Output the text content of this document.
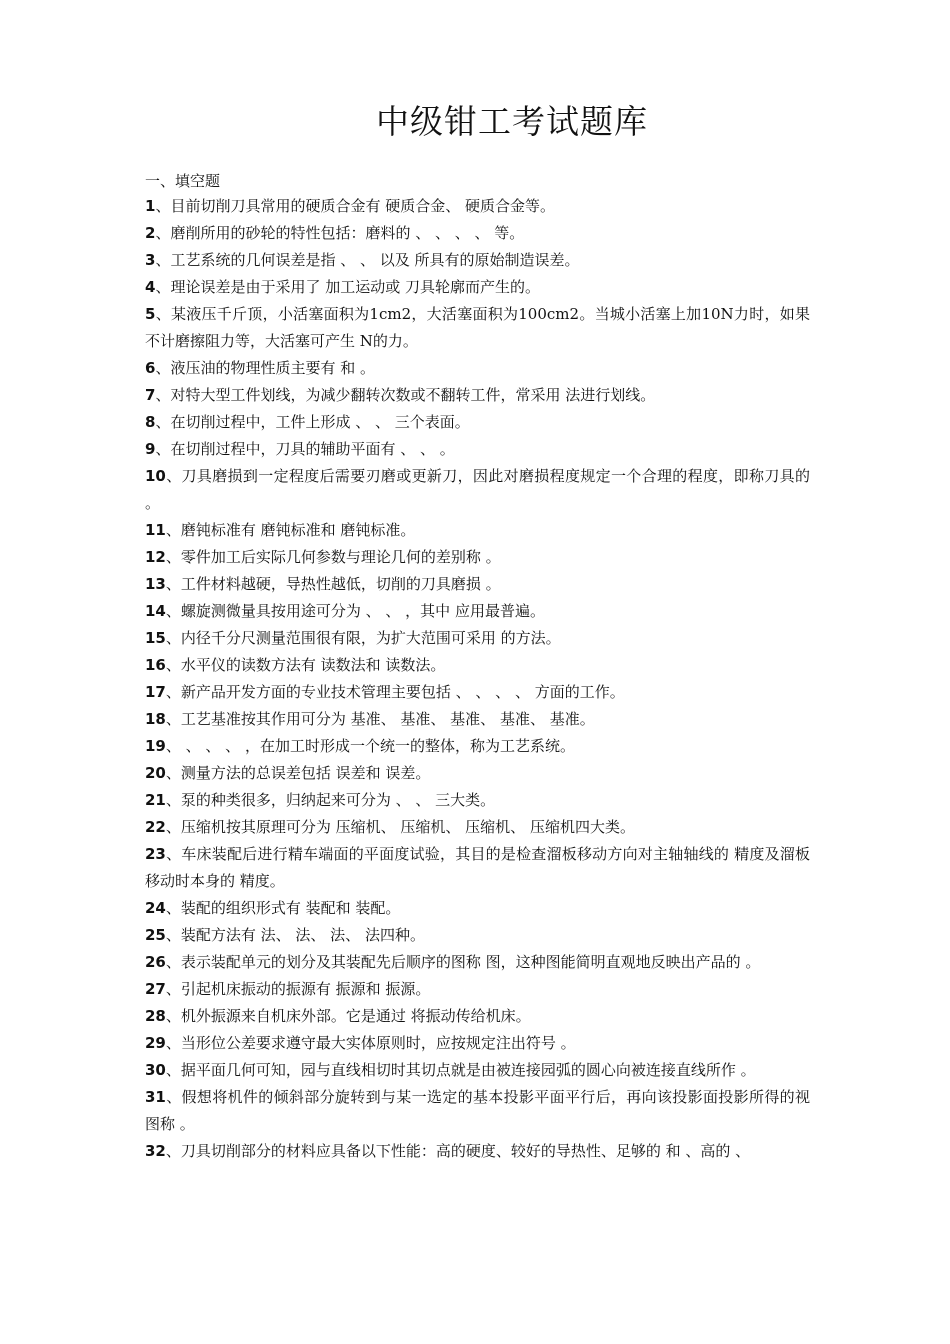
中级钳工考试题库
一、填空题

1、目前切削刀具常用的硬质合金有 硬质合金、 硬质合金等。

2、磨削所用的砂轮的特性包括：磨料的 、 、 、 、 等。

3、工艺系统的几何误差是指 、 、 以及 所具有的原始制造误差。

4、理论误差是由于采用了 加工运动或 刀具轮廓而产生的。

5、某液压千斤顶，小活塞面积为1cm2，大活塞面积为100cm2。当城小活塞上加10N力时，如果不计磨擦阻力等，大活塞可产生 N的力。

6、液压油的物理性质主要有 和 。

7、对特大型工件划线，为减少翻转次数或不翻转工件，常采用 法进行划线。

8、在切削过程中，工件上形成 、 、 三个表面。

9、在切削过程中，刀具的辅助平面有 、 、 。

10、刀具磨损到一定程度后需要刃磨或更新刀，因此对磨损程度规定一个合理的程度，即称刀具的 。

11、磨钝标准有 磨钝标准和 磨钝标准。

12、零件加工后实际几何参数与理论几何的差别称 。

13、工件材料越硬，导热性越低，切削的刀具磨损 。

14、螺旋测微量具按用途可分为 、 、 ，其中 应用最普遍。

15、内径千分尺测量范围很有限，为扩大范围可采用 的方法。

16、水平仪的读数方法有 读数法和 读数法。

17、新产品开发方面的专业技术管理主要包括 、 、 、 、 方面的工作。

18、工艺基准按其作用可分为 基准、 基准、 基准、 基准、 基准。

19、 、 、 、 ，在加工时形成一个统一的整体，称为工艺系统。

20、测量方法的总误差包括 误差和 误差。

21、泵的种类很多，归纳起来可分为 、 、 三大类。

22、压缩机按其原理可分为 压缩机、 压缩机、 压缩机、 压缩机四大类。

23、车床装配后进行精车端面的平面度试验，其目的是检查溜板移动方向对主轴轴线的 精度及溜板移动时本身的 精度。

24、装配的组织形式有 装配和 装配。

25、装配方法有 法、 法、 法、 法四种。

26、表示装配单元的划分及其装配先后顺序的图称 图，这种图能简明直观地反映出产品的 。

27、引起机床振动的振源有 振源和 振源。

28、机外振源来自机床外部。它是通过 将振动传给机床。

29、当形位公差要求遵守最大实体原则时，应按规定注出符号 。

30、据平面几何可知，园与直线相切时其切点就是由被连接园弧的圆心向被连接直线所作 。

31、假想将机件的倾斜部分旋转到与某一选定的基本投影平面平行后，再向该投影面投影所得的视图称 。

32、刀具切削部分的材料应具备以下性能：高的硬度、较好的导热性、足够的 和 、高的 、
